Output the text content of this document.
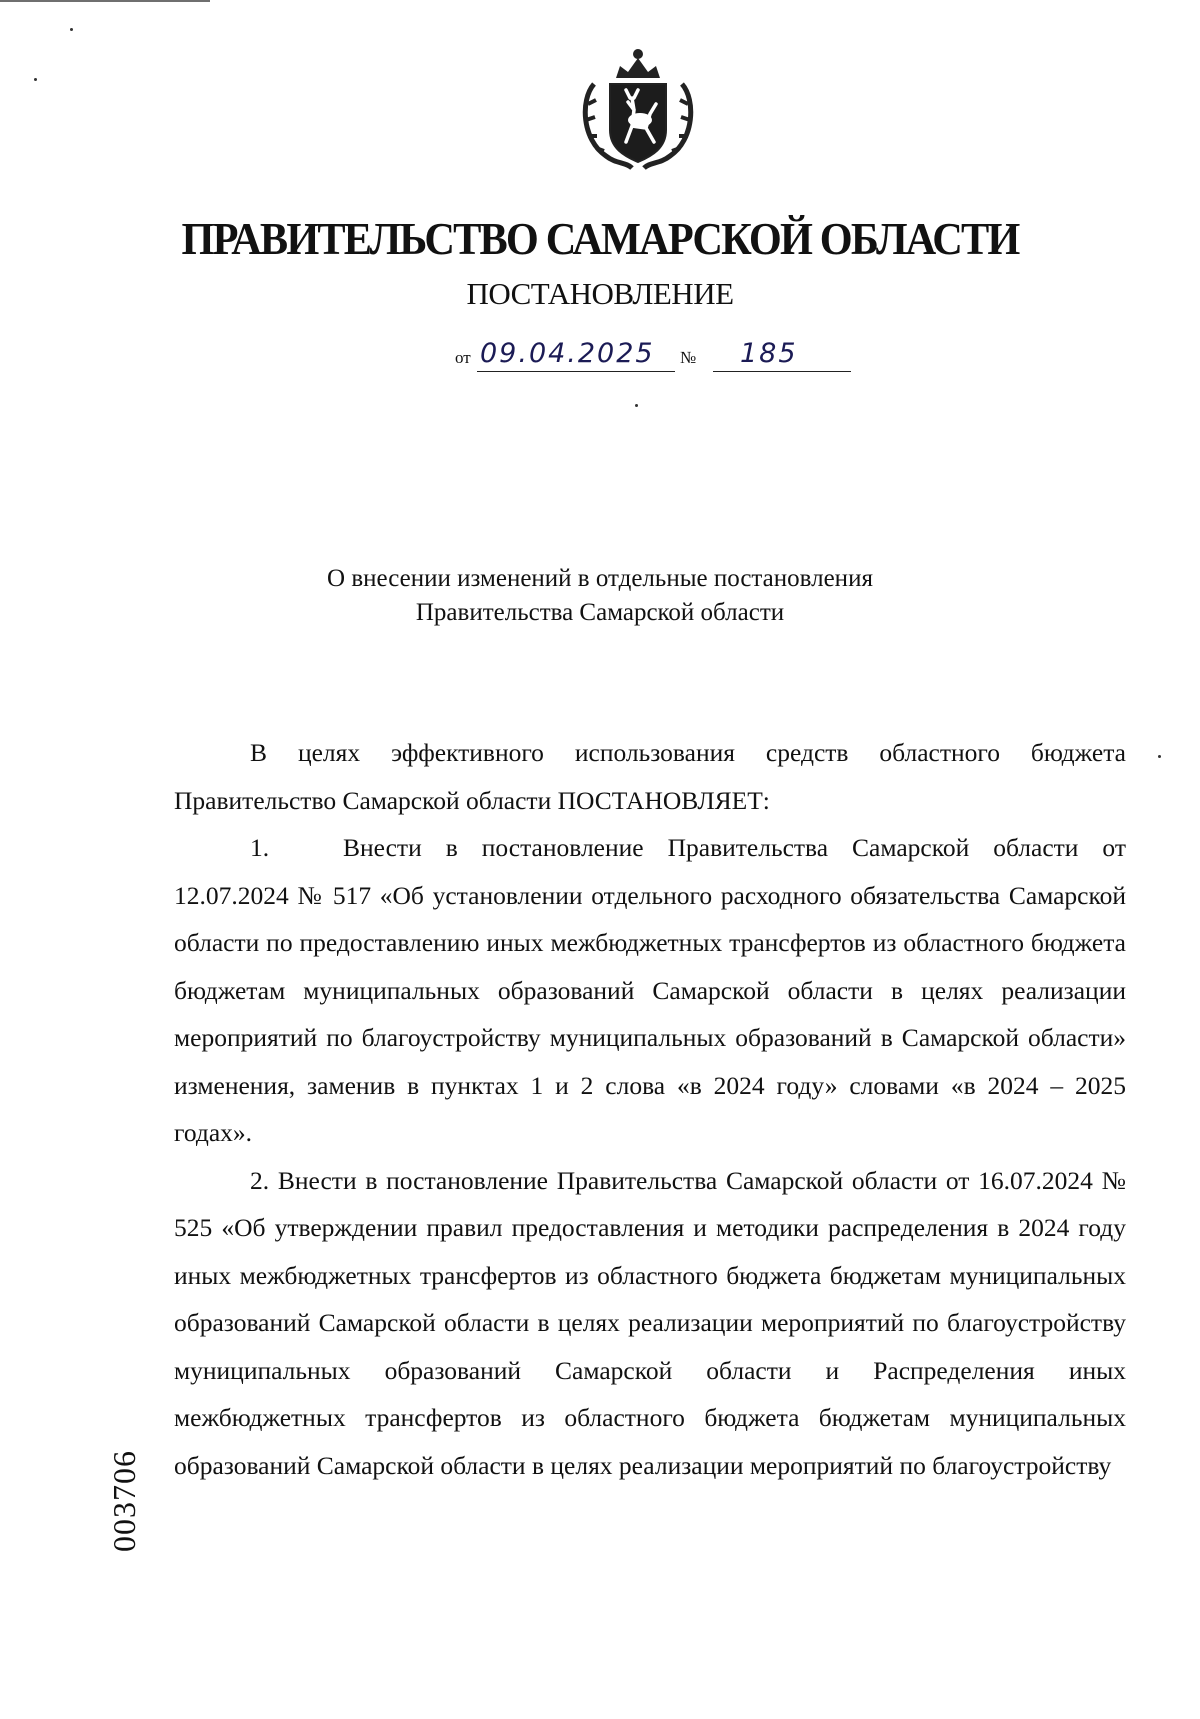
ПРАВИТЕЛЬСТВО САМАРСКОЙ ОБЛАСТИ
ПОСТАНОВЛЕНИЕ
от 09.04.2025 № 185
О внесении изменений в отдельные постановления
Правительства Самарской области

В целях эффективного использования средств областного бюджета Правительство Самарской области ПОСТАНОВЛЯЕТ:

1.	Внести в постановление Правительства Самарской области от 12.07.2024 № 517 «Об установлении отдельного расходного обязательства Самарской области по предоставлению иных межбюджетных трансфертов из областного бюджета бюджетам муниципальных образований Самарской области в целях реализации мероприятий по благоустройству муниципальных образований в Самарской области» изменения, заменив в пунктах 1 и 2 слова «в 2024 году» словами «в 2024 – 2025 годах».

2. Внести в постановление Правительства Самарской области от 16.07.2024 № 525 «Об утверждении правил предоставления и методики распределения в 2024 году иных межбюджетных трансфертов из областного бюджета бюджетам муниципальных образований Самарской области в целях реализации мероприятий по благоустройству муниципальных образований Самарской области и Распределения иных межбюджетных трансфертов из областного бюджета бюджетам муниципальных образований Самарской области в целях реализации мероприятий по благоустройству

003706
